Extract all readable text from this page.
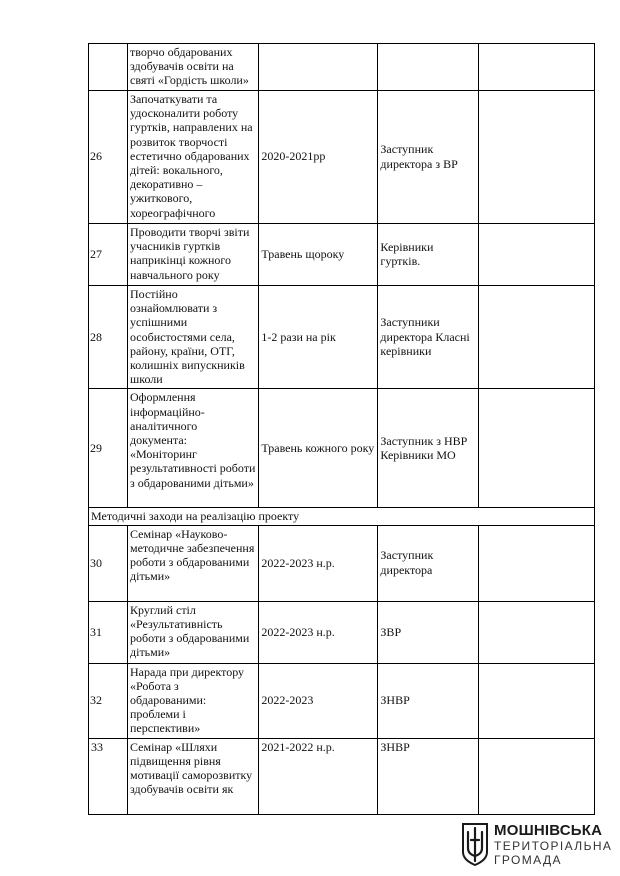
	творчо обдарованих здобувачів освіти на святі «Гордість школи»			
26	Започаткувати та удосконалити роботу гуртків, направлених на розвиток творчості естетично обдарованих дітей: вокального, декоративно – ужиткового, хореографічного	2020-2021рр	Заступник директора з ВР	
27	Проводити творчі звіти учасників гуртків наприкінці кожного навчального року	Травень щороку	Керівники гуртків.	
28	Постійно ознайомлювати з успішними особистостями села, району, країни, ОТГ, колишніх випускників школи	1-2 рази на рік	Заступники директора Класні керівники	
29	Оформлення інформаційно-аналітичного документа: «Моніторинг результативності роботи з обдарованими дітьми»	Травень кожного року	Заступник з НВР Керівники МО	
Методичні заходи на реалізацію проекту				
30	Семінар «Науково-методичне забезпечення роботи з обдарованими дітьми»	2022-2023 н.р.	Заступник директора	
31	Круглий стіл «Результативність роботи з обдарованими дітьми»	2022-2023 н.р.	ЗВР	
32	Нарада при директору «Робота з обдарованими: проблеми і перспективи»	2022-2023	ЗНВР	
33	Семінар «Шляхи підвищення рівня мотивації саморозвитку здобувачів освіти як	2021-2022 н.р.	ЗНВР	
МОШНІВСЬКА
ТЕРИТОРІАЛЬНА
ГРОМАДА
